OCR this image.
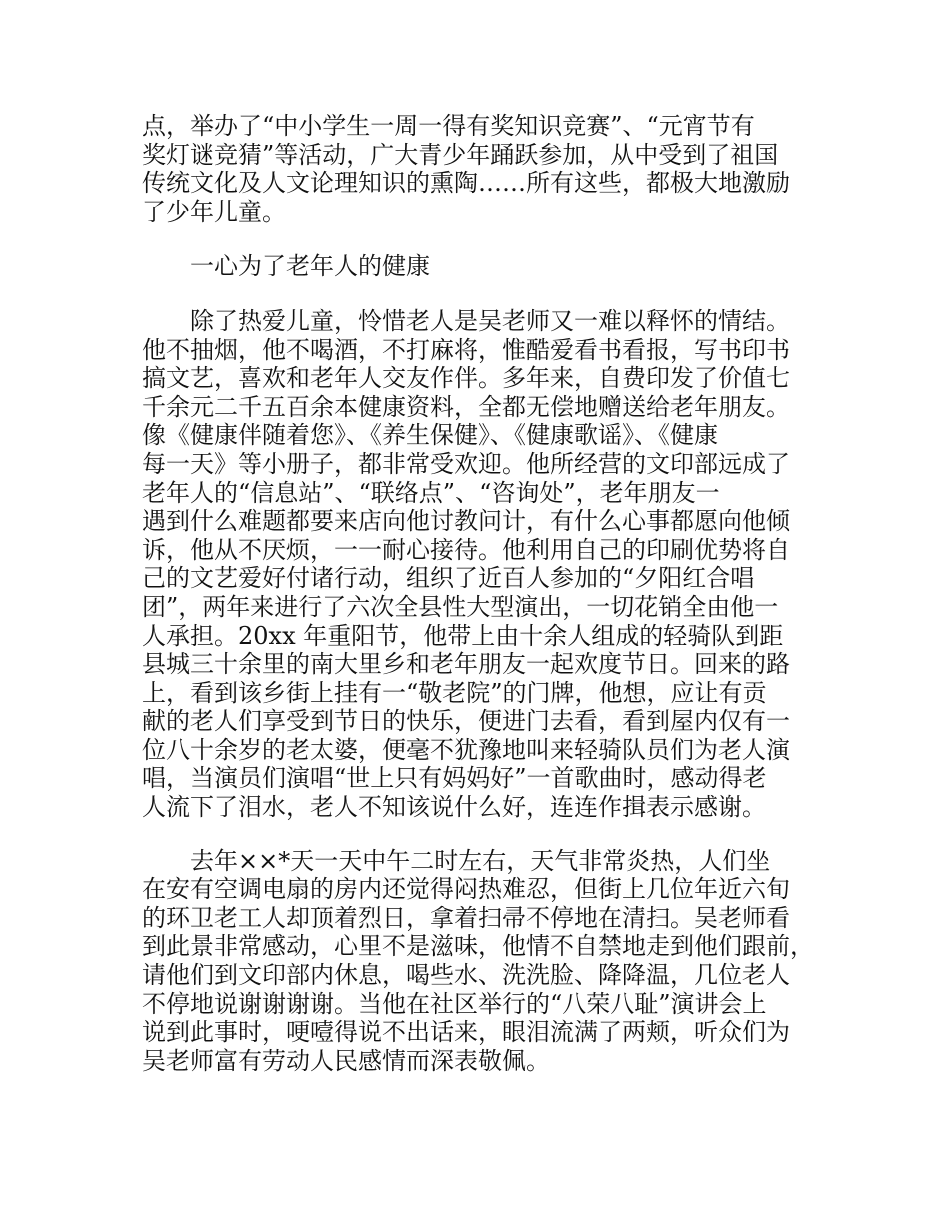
点，举办了“中小学生一周一得有奖知识竞赛”、“元宵节有
奖灯谜竞猜”等活动，广大青少年踊跃参加，从中受到了祖国
传统文化及人文论理知识的熏陶……所有这些，都极大地激励
了少年儿童。

一心为了老年人的健康

除了热爱儿童，怜惜老人是吴老师又一难以释怀的情结。
他不抽烟，他不喝酒，不打麻将，惟酷爱看书看报，写书印书
搞文艺，喜欢和老年人交友作伴。多年来，自费印发了价值七
千余元二千五百余本健康资料，全都无偿地赠送给老年朋友。
像《健康伴随着您》、《养生保健》、《健康歌谣》、《健康
每一天》等小册子，都非常受欢迎。他所经营的文印部远成了
老年人的“信息站”、“联络点”、“咨询处”，老年朋友一
遇到什么难题都要来店向他讨教问计，有什么心事都愿向他倾
诉，他从不厌烦，一一耐心接待。他利用自己的印刷优势将自
己的文艺爱好付诸行动，组织了近百人参加的“夕阳红合唱
团”，两年来进行了六次全县性大型演出，一切花销全由他一
人承担。20xx 年重阳节，他带上由十余人组成的轻骑队到距
县城三十余里的南大里乡和老年朋友一起欢度节日。回来的路
上，看到该乡街上挂有一“敬老院”的门牌，他想，应让有贡
献的老人们享受到节日的快乐，便进门去看，看到屋内仅有一
位八十余岁的老太婆，便毫不犹豫地叫来轻骑队员们为老人演
唱，当演员们演唱“世上只有妈妈好”一首歌曲时，感动得老
人流下了泪水，老人不知该说什么好，连连作揖表示感谢。

去年××*天一天中午二时左右，天气非常炎热，人们坐
在安有空调电扇的房内还觉得闷热难忍，但街上几位年近六旬
的环卫老工人却顶着烈日，拿着扫帚不停地在清扫。吴老师看
到此景非常感动，心里不是滋味，他情不自禁地走到他们跟前，
请他们到文印部内休息，喝些水、洗洗脸、降降温，几位老人
不停地说谢谢谢谢。当他在社区举行的“八荣八耻”演讲会上
说到此事时，哽噎得说不出话来，眼泪流满了两颊，听众们为
吴老师富有劳动人民感情而深表敬佩。
